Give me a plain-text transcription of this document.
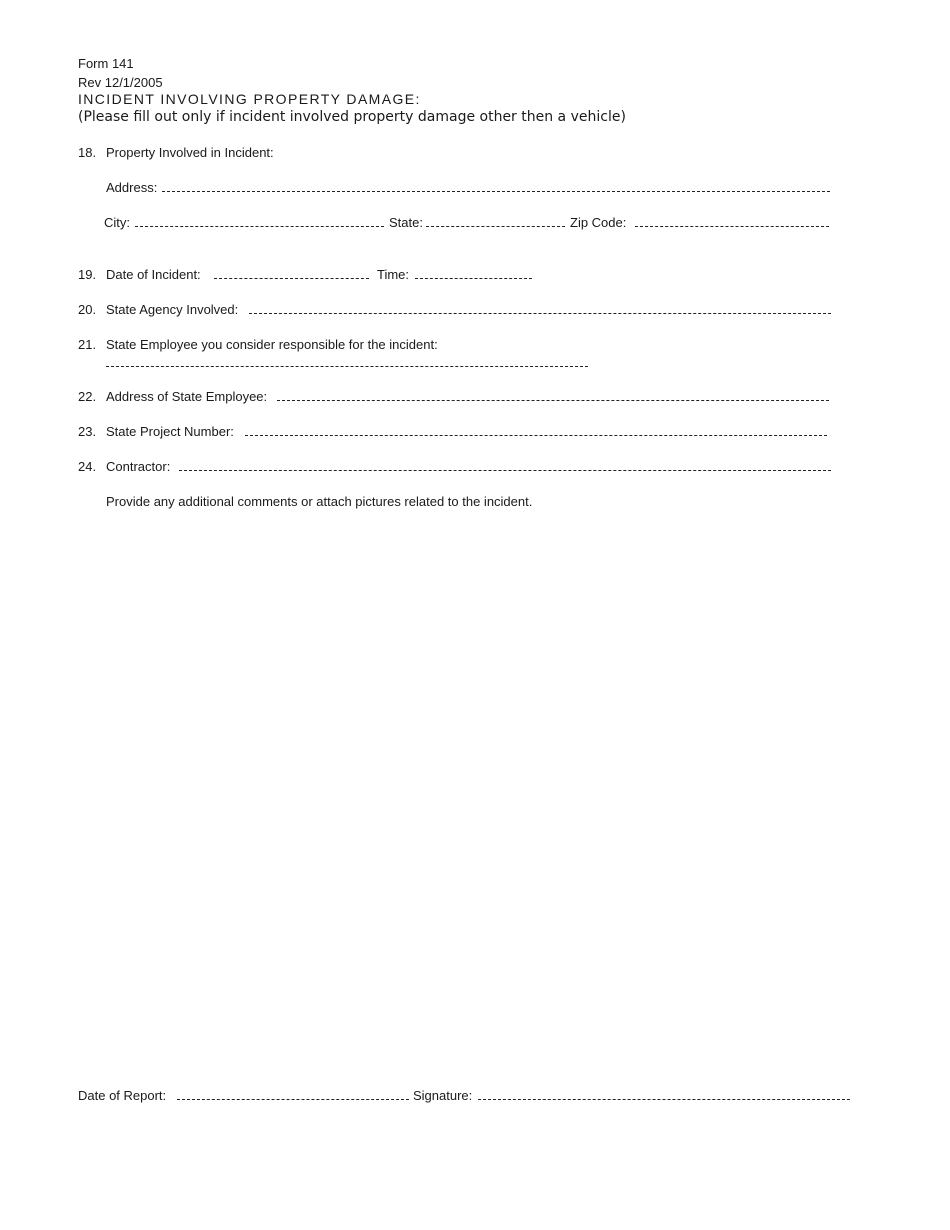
Form 141
Rev 12/1/2005
INCIDENT INVOLVING PROPERTY DAMAGE:
(Please fill out only if incident involved property damage other then a vehicle)
18. Property Involved in Incident:
Address:
City:	State:	Zip Code:
19. Date of Incident:	Time:
20. State Agency Involved:
21. State Employee you consider responsible for the incident:
22. Address of State Employee:
23. State Project Number:
24. Contractor:
Provide any additional comments or attach pictures related to the incident.
Date of Report:	Signature:
